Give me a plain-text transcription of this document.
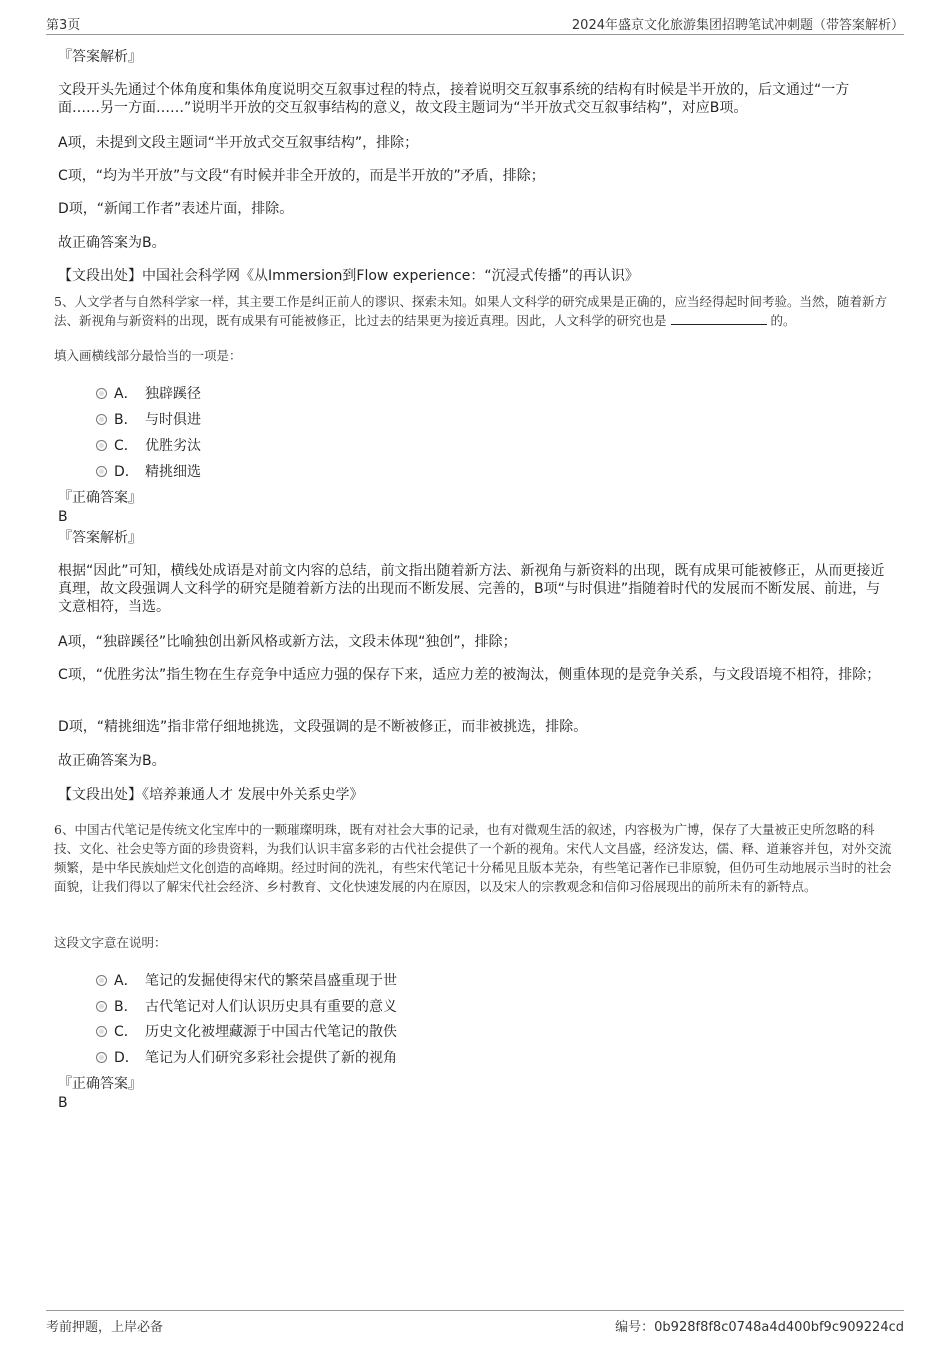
第3页	2024年盛京文化旅游集团招聘笔试冲刺题（带答案解析）
『答案解析』
文段开头先通过个体角度和集体角度说明交互叙事过程的特点，接着说明交互叙事系统的结构有时候是半开放的，后文通过“一方面……另一方面……”说明半开放的交互叙事结构的意义，故文段主题词为“半开放式交互叙事结构”，对应B项。
A项，未提到文段主题词“半开放式交互叙事结构”，排除；
C项，“均为半开放”与文段“有时候并非全开放的，而是半开放的”矛盾，排除；
D项，“新闻工作者”表述片面，排除。
故正确答案为B。
【文段出处】中国社会科学网《从Immersion到Flow experience：“沉浸式传播”的再认识》
5、人文学者与自然科学家一样，其主要工作是纠正前人的谬识、探索未知。如果人文科学的研究成果是正确的，应当经得起时间考验。当然，随着新方法、新视角与新资料的出现，既有成果有可能被修正，比过去的结果更为接近真理。因此，人文科学的研究也是	的。
填入画横线部分最恰当的一项是：
A． 独辟蹊径
B． 与时俱进
C． 优胜劣汰
D． 精挑细选
『正确答案』
B
『答案解析』
根据“因此”可知，横线处成语是对前文内容的总结，前文指出随着新方法、新视角与新资料的出现，既有成果可能被修正，从而更接近真理，故文段强调人文科学的研究是随着新方法的出现而不断发展、完善的，B项“与时俱进”指随着时代的发展而不断发展、前进，与文意相符，当选。
A项，“独辟蹊径”比喻独创出新风格或新方法，文段未体现“独创”，排除；
C项，“优胜劣汰”指生物在生存竞争中适应力强的保存下来，适应力差的被淘汰，侧重体现的是竞争关系，与文段语境不相符，排除；
D项，“精挑细选”指非常仔细地挑选，文段强调的是不断被修正，而非被挑选，排除。
故正确答案为B。
【文段出处】《培养兼通人才 发展中外关系史学》
6、中国古代笔记是传统文化宝库中的一颗璀璨明珠，既有对社会大事的记录，也有对微观生活的叙述，内容极为广博，保存了大量被正史所忽略的科技、文化、社会史等方面的珍贵资料，为我们认识丰富多彩的古代社会提供了一个新的视角。宋代人文昌盛，经济发达，儒、释、道兼容并包，对外交流频繁，是中华民族灿烂文化创造的高峰期。经过时间的洗礼，有些宋代笔记十分稀见且版本芜杂，有些笔记著作已非原貌，但仍可生动地展示当时的社会面貌，让我们得以了解宋代社会经济、乡村教育、文化快速发展的内在原因，以及宋人的宗教观念和信仰习俗展现出的前所未有的新特点。
这段文字意在说明：
A． 笔记的发掘使得宋代的繁荣昌盛重现于世
B． 古代笔记对人们认识历史具有重要的意义
C． 历史文化被埋藏源于中国古代笔记的散佚
D． 笔记为人们研究多彩社会提供了新的视角
『正确答案』
B
考前押题，上岸必备	编号：0b928f8f8c0748a4d400bf9c909224cd
